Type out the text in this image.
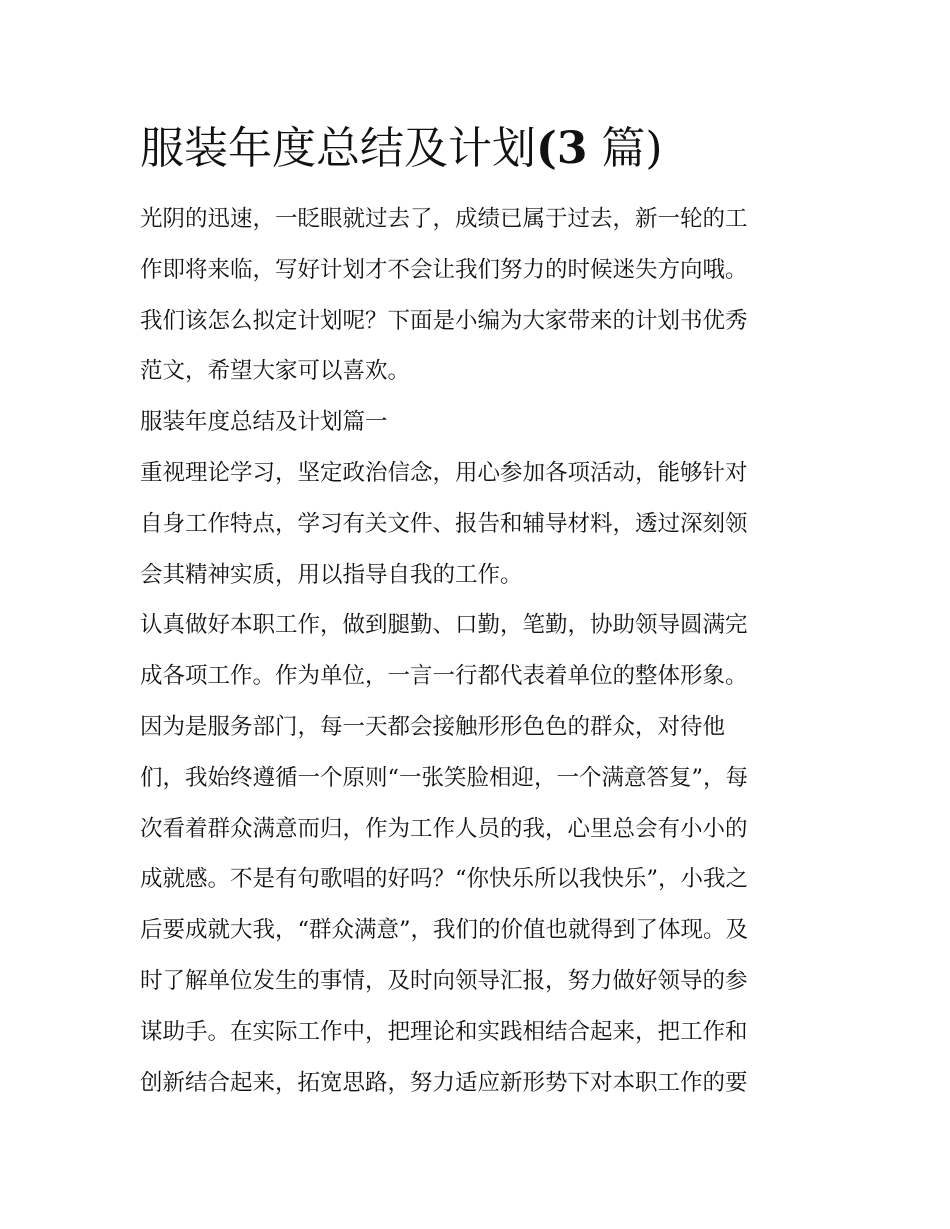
服装年度总结及计划(3 篇)
光阴的迅速，一眨眼就过去了，成绩已属于过去，新一轮的工
作即将来临，写好计划才不会让我们努力的时候迷失方向哦。
我们该怎么拟定计划呢？下面是小编为大家带来的计划书优秀
范文，希望大家可以喜欢。
服装年度总结及计划篇一
重视理论学习，坚定政治信念，用心参加各项活动，能够针对
自身工作特点，学习有关文件、报告和辅导材料，透过深刻领
会其精神实质，用以指导自我的工作。
认真做好本职工作，做到腿勤、口勤，笔勤，协助领导圆满完
成各项工作。作为单位，一言一行都代表着单位的整体形象。
因为是服务部门，每一天都会接触形形色色的群众，对待他
们，我始终遵循一个原则“一张笑脸相迎，一个满意答复”，每
次看着群众满意而归，作为工作人员的我，心里总会有小小的
成就感。不是有句歌唱的好吗？“你快乐所以我快乐”，小我之
后要成就大我，“群众满意”，我们的价值也就得到了体现。及
时了解单位发生的事情，及时向领导汇报，努力做好领导的参
谋助手。在实际工作中，把理论和实践相结合起来，把工作和
创新结合起来，拓宽思路，努力适应新形势下对本职工作的要
